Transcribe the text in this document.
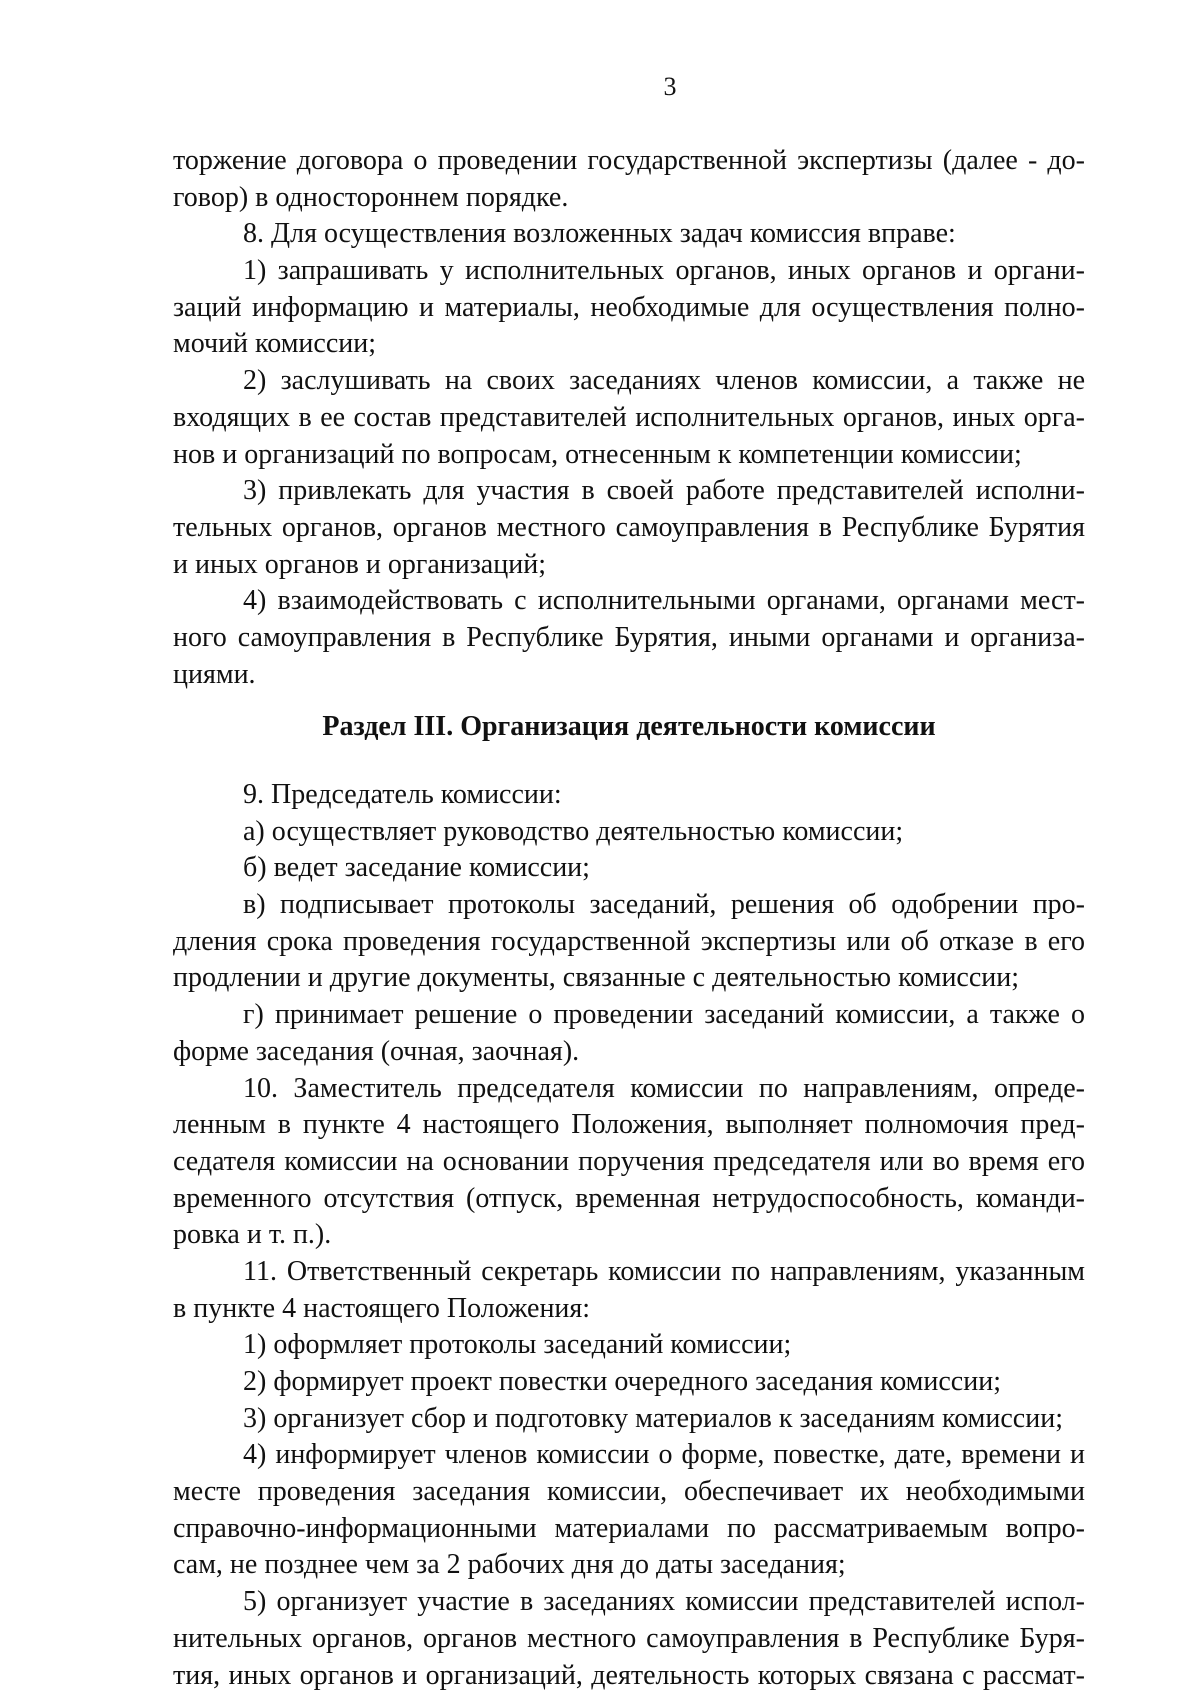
3
торжение договора о проведении государственной экспертизы (далее - до-
говор) в одностороннем порядке.
8. Для осуществления возложенных задач комиссия вправе:
1) запрашивать у исполнительных органов, иных органов и органи-
заций информацию и материалы, необходимые для осуществления полно-
мочий комиссии;
2) заслушивать на своих заседаниях членов комиссии, а также не
входящих в ее состав представителей исполнительных органов, иных орга-
нов и организаций по вопросам, отнесенным к компетенции комиссии;
3) привлекать для участия в своей работе представителей исполни-
тельных органов, органов местного самоуправления в Республике Бурятия
и иных органов и организаций;
4) взаимодействовать с исполнительными органами, органами мест-
ного самоуправления в Республике Бурятия, иными органами и организа-
циями.
Раздел III. Организация деятельности комиссии
9. Председатель комиссии:
а) осуществляет руководство деятельностью комиссии;
б) ведет заседание комиссии;
в) подписывает протоколы заседаний, решения об одобрении про-
дления срока проведения государственной экспертизы или об отказе в его
продлении и другие документы, связанные с деятельностью комиссии;
г) принимает решение о проведении заседаний комиссии, а также о
форме заседания (очная, заочная).
10. Заместитель председателя комиссии по направлениям, опреде-
ленным в пункте 4 настоящего Положения, выполняет полномочия пред-
седателя комиссии на основании поручения председателя или во время его
временного отсутствия (отпуск, временная нетрудоспособность, команди-
ровка и т. п.).
11. Ответственный секретарь комиссии по направлениям, указанным
в пункте 4 настоящего Положения:
1) оформляет протоколы заседаний комиссии;
2) формирует проект повестки очередного заседания комиссии;
3) организует сбор и подготовку материалов к заседаниям комиссии;
4) информирует членов комиссии о форме, повестке, дате, времени и
месте проведения заседания комиссии, обеспечивает их необходимыми
справочно-информационными материалами по рассматриваемым вопро-
сам, не позднее чем за 2 рабочих дня до даты заседания;
5) организует участие в заседаниях комиссии представителей испол-
нительных органов, органов местного самоуправления в Республике Буря-
тия, иных органов и организаций, деятельность которых связана с рассмат-
